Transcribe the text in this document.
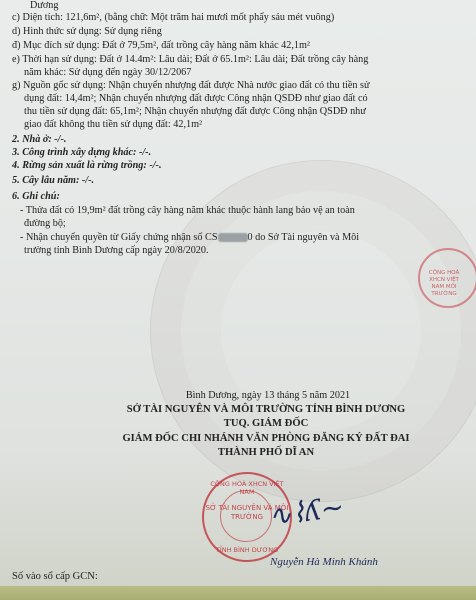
Dương
c) Diện tích: 121,6m², (bằng chữ: Một trăm hai mươi mốt phẩy sáu mét vuông)
d) Hình thức sử dụng: Sử dụng riêng
đ) Mục đích sử dụng: Đất ở 79,5m², đất trồng cây hàng năm khác 42,1m²
e) Thời hạn sử dụng: Đất ở 14.4m²: Lâu dài; Đất ở 65.1m²: Lâu dài; Đất trồng cây hàng
năm khác: Sử dụng đến ngày 30/12/2067
g) Nguồn gốc sử dụng: Nhận chuyển nhượng đất được Nhà nước giao đất có thu tiền sử
dụng đất: 14,4m²; Nhận chuyển nhượng đất được Công nhận QSDĐ như giao đất có
thu tiền sử dụng đất: 65,1m²; Nhận chuyển nhượng đất được Công nhận QSDĐ như
giao đất không thu tiền sử dụng đất: 42,1m²
2. Nhà ở: -/-.
3. Công trình xây dựng khác: -/-.
4. Rừng sản xuất là rừng trồng: -/-.
5. Cây lâu năm: -/-.
6. Ghi chú:
- Thửa đất có 19,9m² đất trồng cây hàng năm khác thuộc hành lang bảo vệ an toàn
đường bộ;
- Nhận chuyển quyền từ Giấy chứng nhận số CS	0 do Sở Tài nguyên và Môi
trường tỉnh Bình Dương cấp ngày 20/8/2020.
CỘNG HOÀ XHCN VIỆT NAM MÔI TRƯỜNG
Bình Dương, ngày 13 tháng 5 năm 2021
SỞ TÀI NGUYÊN VÀ MÔI TRƯỜNG TỈNH BÌNH DƯƠNG
TUQ. GIÁM ĐỐC
GIÁM ĐỐC CHI NHÁNH VĂN PHÒNG ĐĂNG KÝ ĐẤT ĐAI
THÀNH PHỐ DĨ AN
CỘNG HOÀ XHCN VIỆT NAM
SỞ TÀI NGUYÊN VÀ MÔI TRƯỜNG
TỈNH BÌNH DƯƠNG
∿⌇ʎ~
Nguyễn Hà Minh Khánh
Số vào sổ cấp GCN:
